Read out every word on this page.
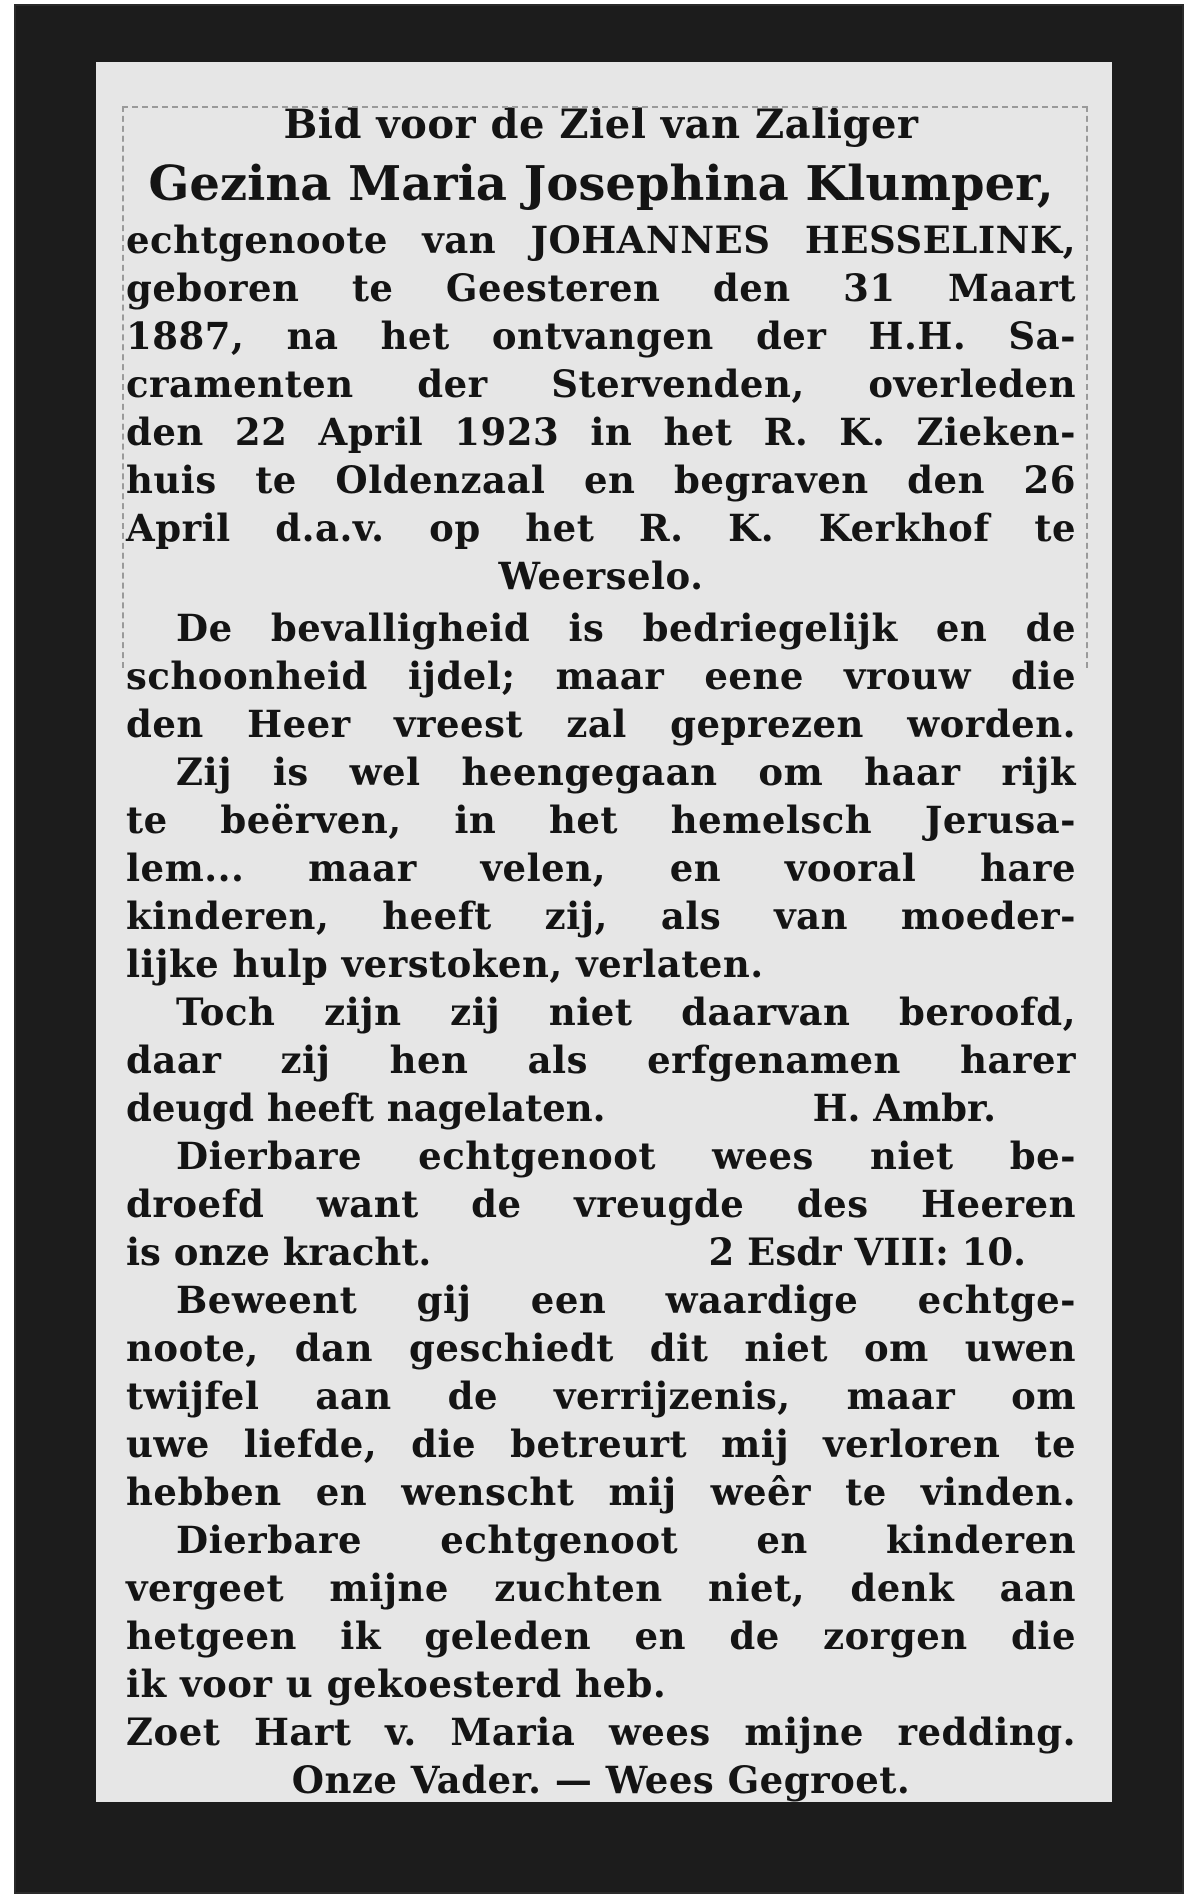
Bid voor de Ziel van Zaliger
Gezina Maria Josephina Klumper,
echtgenoote van JOHANNES HESSELINK,
geboren te Geesteren den 31 Maart
1887, na het ontvangen der H.H. Sa-
cramenten der Stervenden, overleden
den 22 April 1923 in het R. K. Zieken-
huis te Oldenzaal en begraven den 26
April d.a.v. op het R. K. Kerkhof te
Weerselo.
De bevalligheid is bedriegelijk en de
schoonheid ijdel; maar eene vrouw die
den Heer vreest zal geprezen worden.
Zij is wel heengegaan om haar rijk
te beërven, in het hemelsch Jerusa-
lem... maar velen, en vooral hare
kinderen, heeft zij, als van moeder-
lijke hulp verstoken, verlaten.
Toch zijn zij niet daarvan beroofd,
daar zij hen als erfgenamen harer
deugd heeft nagelaten.	H. Ambr.
Dierbare echtgenoot wees niet be-
droefd want de vreugde des Heeren
is onze kracht.	2 Esdr VIII: 10.
Beweent gij een waardige echtge-
noote, dan geschiedt dit niet om uwen
twijfel aan de verrijzenis, maar om
uwe liefde, die betreurt mij verloren te
hebben en wenscht mij weêr te vinden.
Dierbare echtgenoot en kinderen
vergeet mijne zuchten niet, denk aan
hetgeen ik geleden en de zorgen die
ik voor u gekoesterd heb.
Zoet Hart v. Maria wees mijne redding.
Onze Vader. — Wees Gegroet.
